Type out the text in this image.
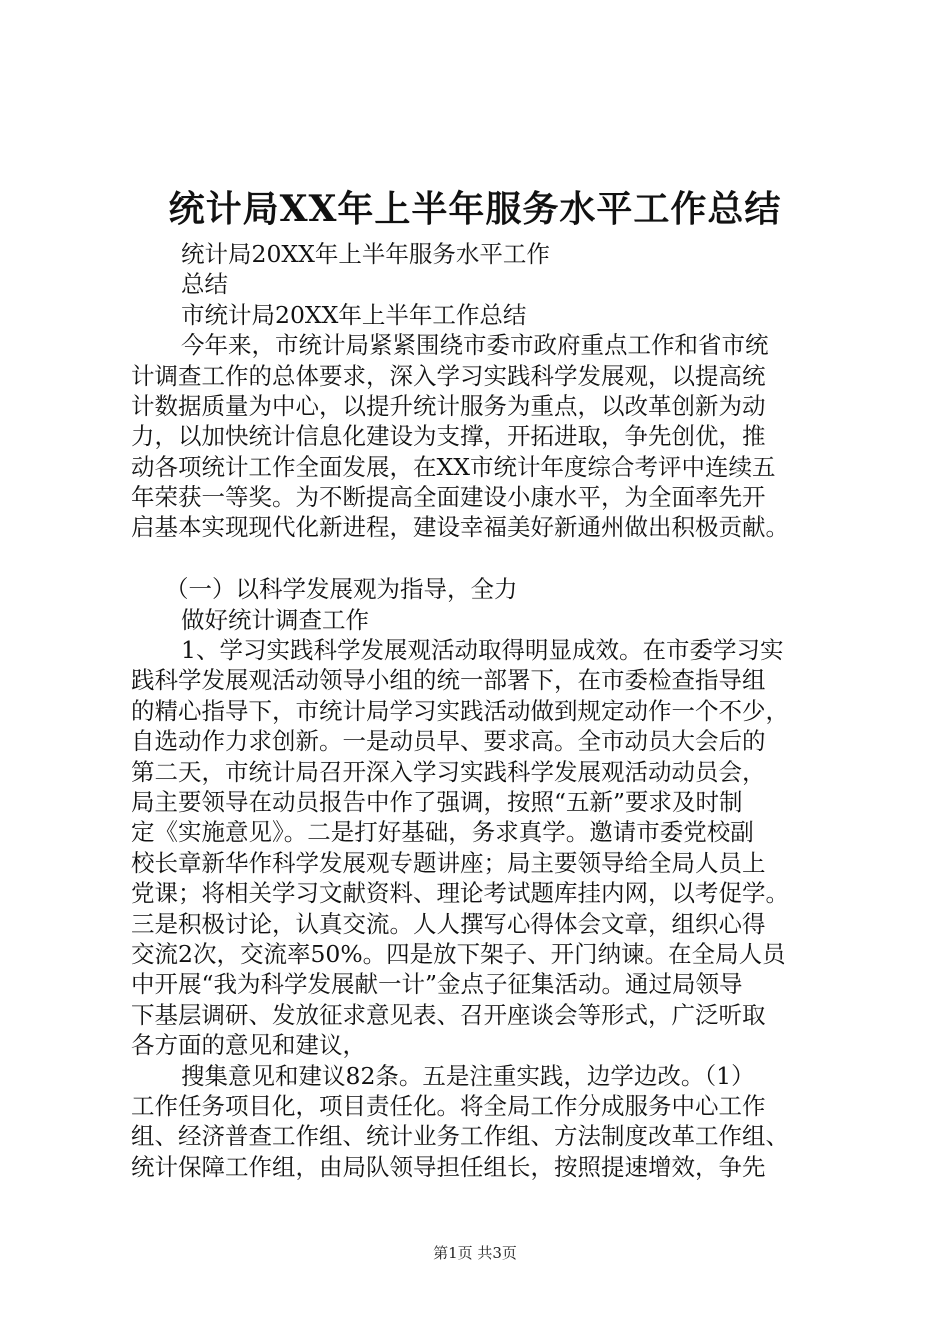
统计局XX年上半年服务水平工作总结

统计局20XX年上半年服务水平工作

总结

市统计局20XX年上半年工作总结

今年来，市统计局紧紧围绕市委市政府重点工作和省市统

计调查工作的总体要求，深入学习实践科学发展观，以提高统

计数据质量为中心，以提升统计服务为重点，以改革创新为动

力，以加快统计信息化建设为支撑，开拓进取，争先创优，推

动各项统计工作全面发展，在XX市统计年度综合考评中连续五

年荣获一等奖。为不断提高全面建设小康水平，为全面率先开

启基本实现现代化新进程，建设幸福美好新通州做出积极贡献。

（一）以科学发展观为指导，全力

做好统计调查工作

1、学习实践科学发展观活动取得明显成效。在市委学习实

践科学发展观活动领导小组的统一部署下，在市委检查指导组

的精心指导下，市统计局学习实践活动做到规定动作一个不少，

自选动作力求创新。一是动员早、要求高。全市动员大会后的

第二天，市统计局召开深入学习实践科学发展观活动动员会，

局主要领导在动员报告中作了强调，按照“五新”要求及时制

定《实施意见》。二是打好基础，务求真学。邀请市委党校副

校长章新华作科学发展观专题讲座；局主要领导给全局人员上

党课；将相关学习文献资料、理论考试题库挂内网，以考促学。

三是积极讨论，认真交流。人人撰写心得体会文章，组织心得

交流2次，交流率50%。四是放下架子、开门纳谏。在全局人员

中开展“我为科学发展献一计”金点子征集活动。通过局领导

下基层调研、发放征求意见表、召开座谈会等形式，广泛听取

各方面的意见和建议，

搜集意见和建议82条。五是注重实践，边学边改。（1）

工作任务项目化，项目责任化。将全局工作分成服务中心工作

组、经济普查工作组、统计业务工作组、方法制度改革工作组、

统计保障工作组，由局队领导担任组长，按照提速增效，争先

第1页 共3页
